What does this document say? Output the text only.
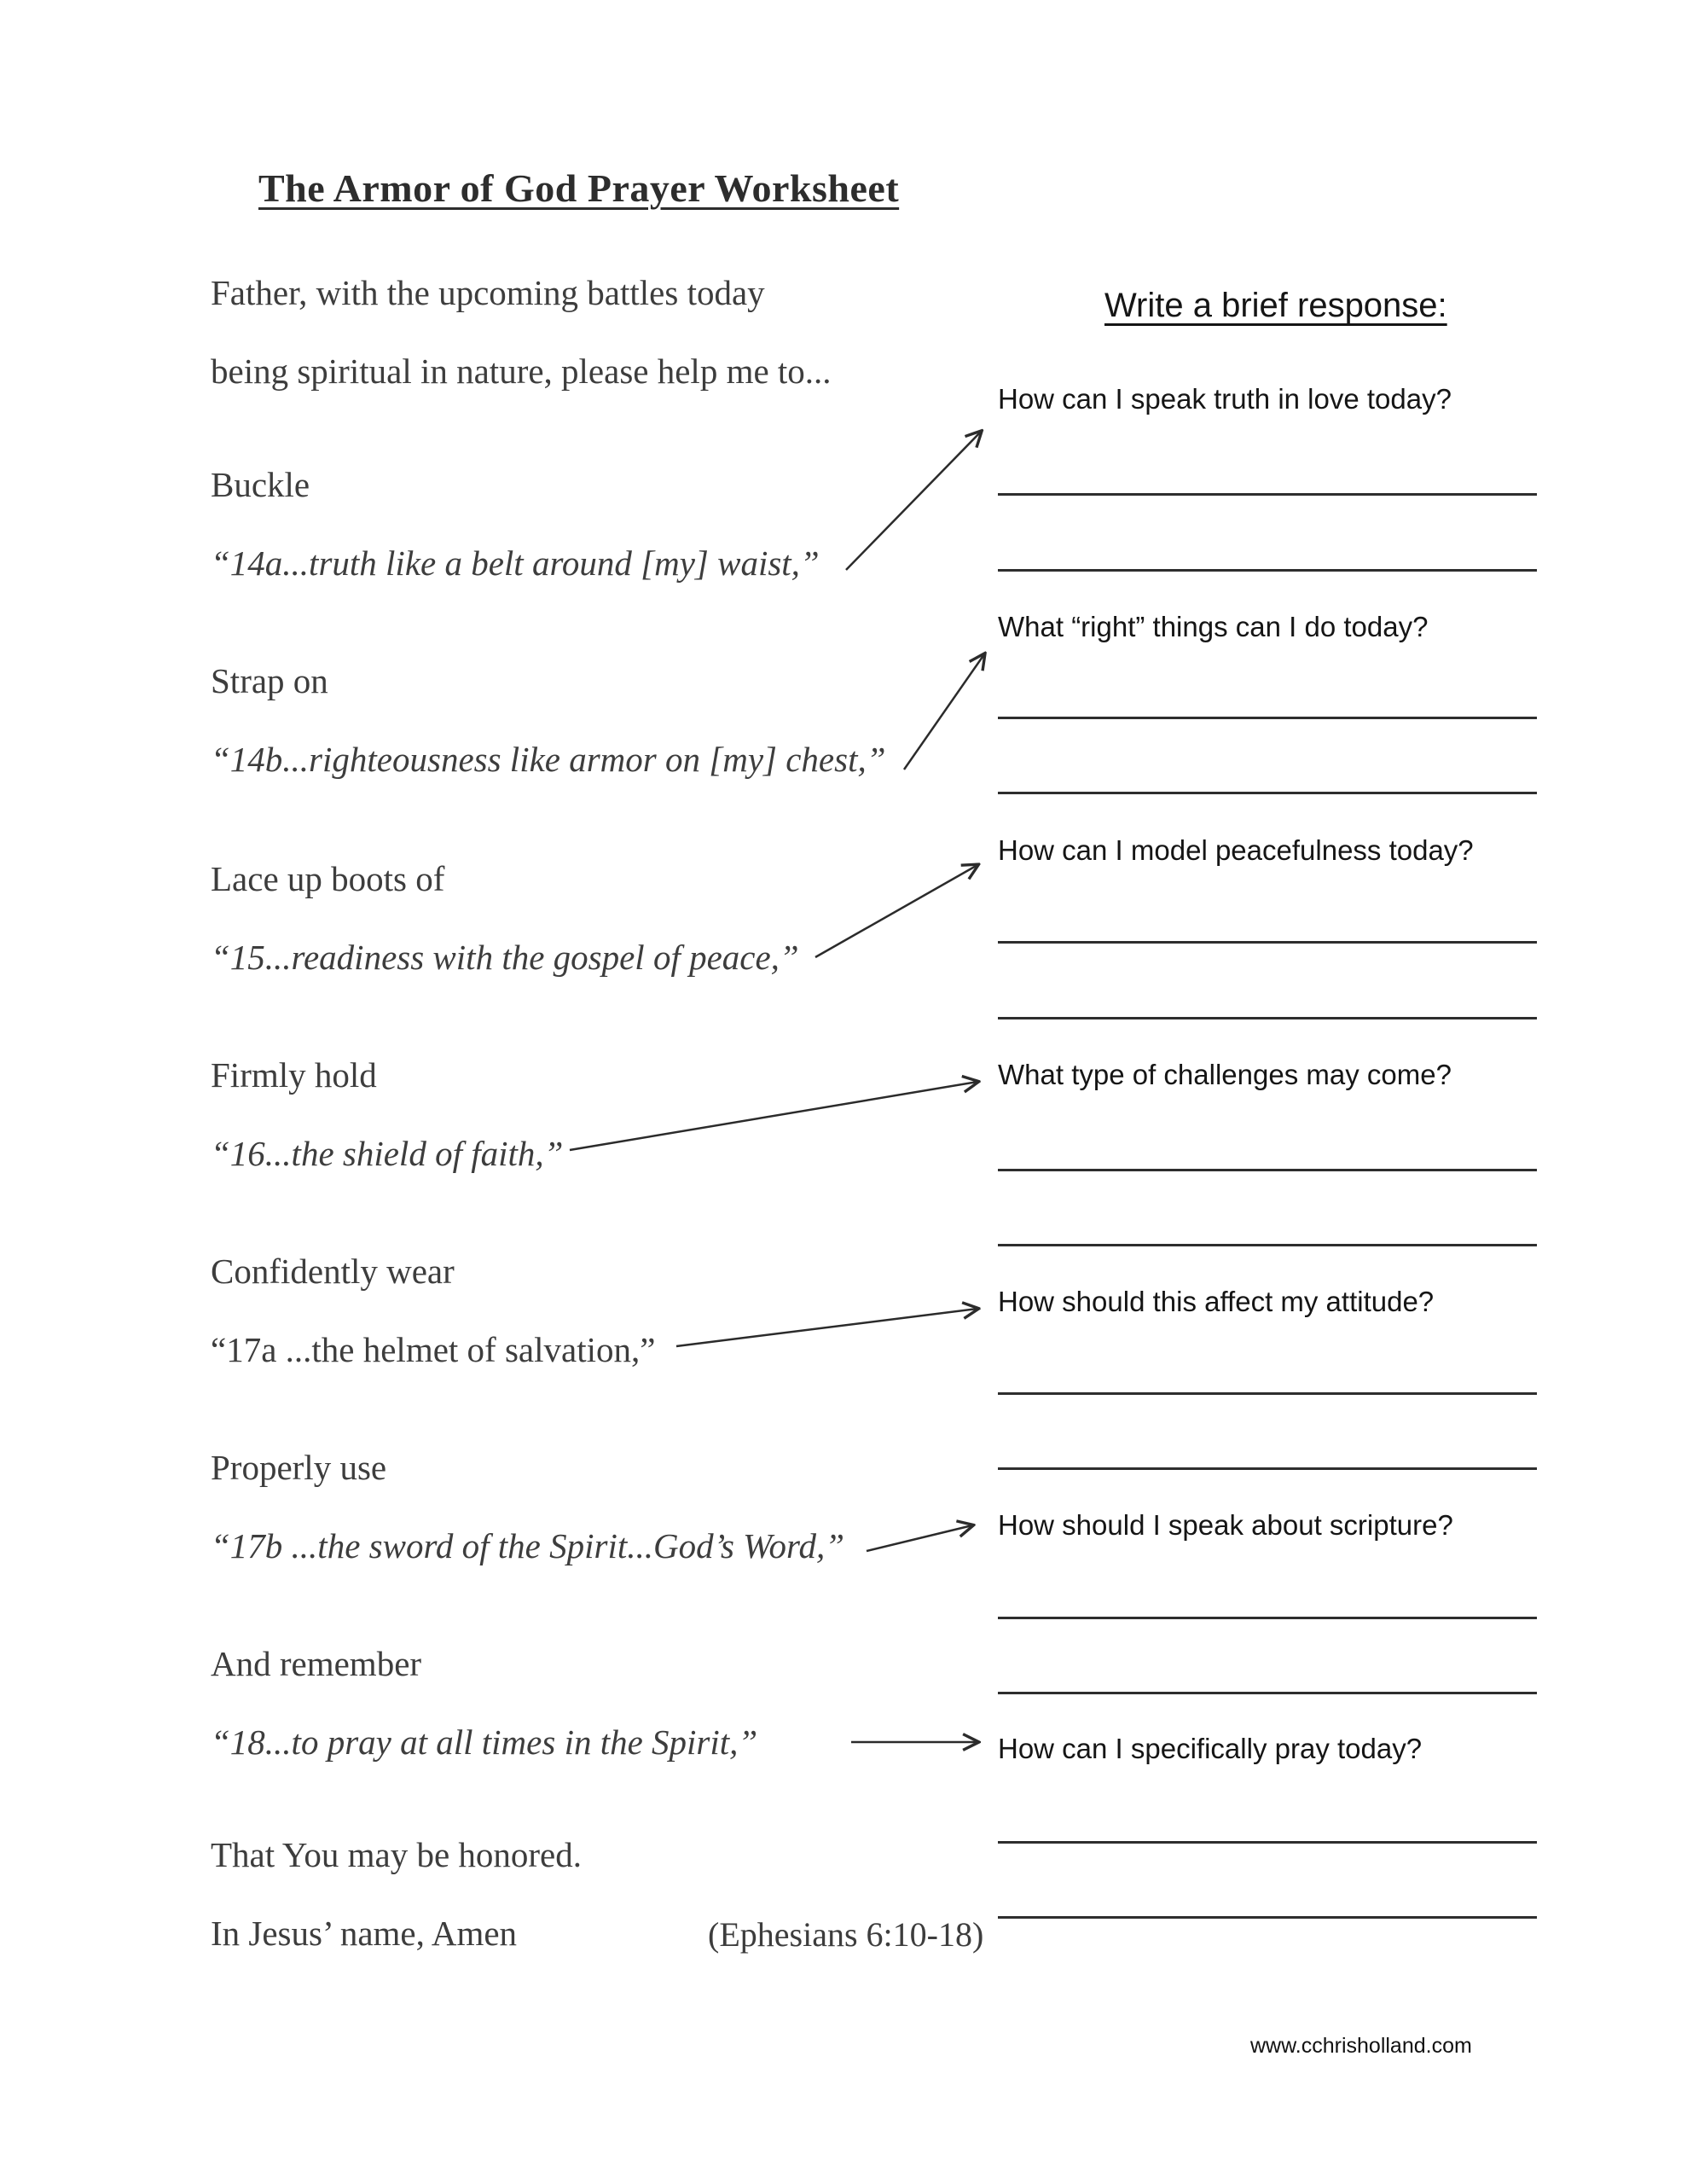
The Armor of God Prayer Worksheet
Father, with the upcoming battles today
being spiritual in nature, please help me to...
Buckle
“14a...truth like a belt around [my] waist,”
Strap on
“14b...righteousness like armor on [my] chest,”
Lace up boots of
“15...readiness with the gospel of peace,”
Firmly hold
“16...the shield of faith,”
Confidently wear
“17a ...the helmet of salvation,”
Properly use
“17b ...the sword of the Spirit...God’s Word,”
And remember
“18...to pray at all times in the Spirit,”
That You may be honored.
In Jesus’ name, Amen	(Ephesians 6:10-18)
Write a brief response:
How can I speak truth in love today?
What “right” things can I do today?
How can I model peacefulness today?
What type of challenges may come?
How should this affect my attitude?
How should I speak about scripture?
How can I specifically pray today?
www.cchrisholland.com
